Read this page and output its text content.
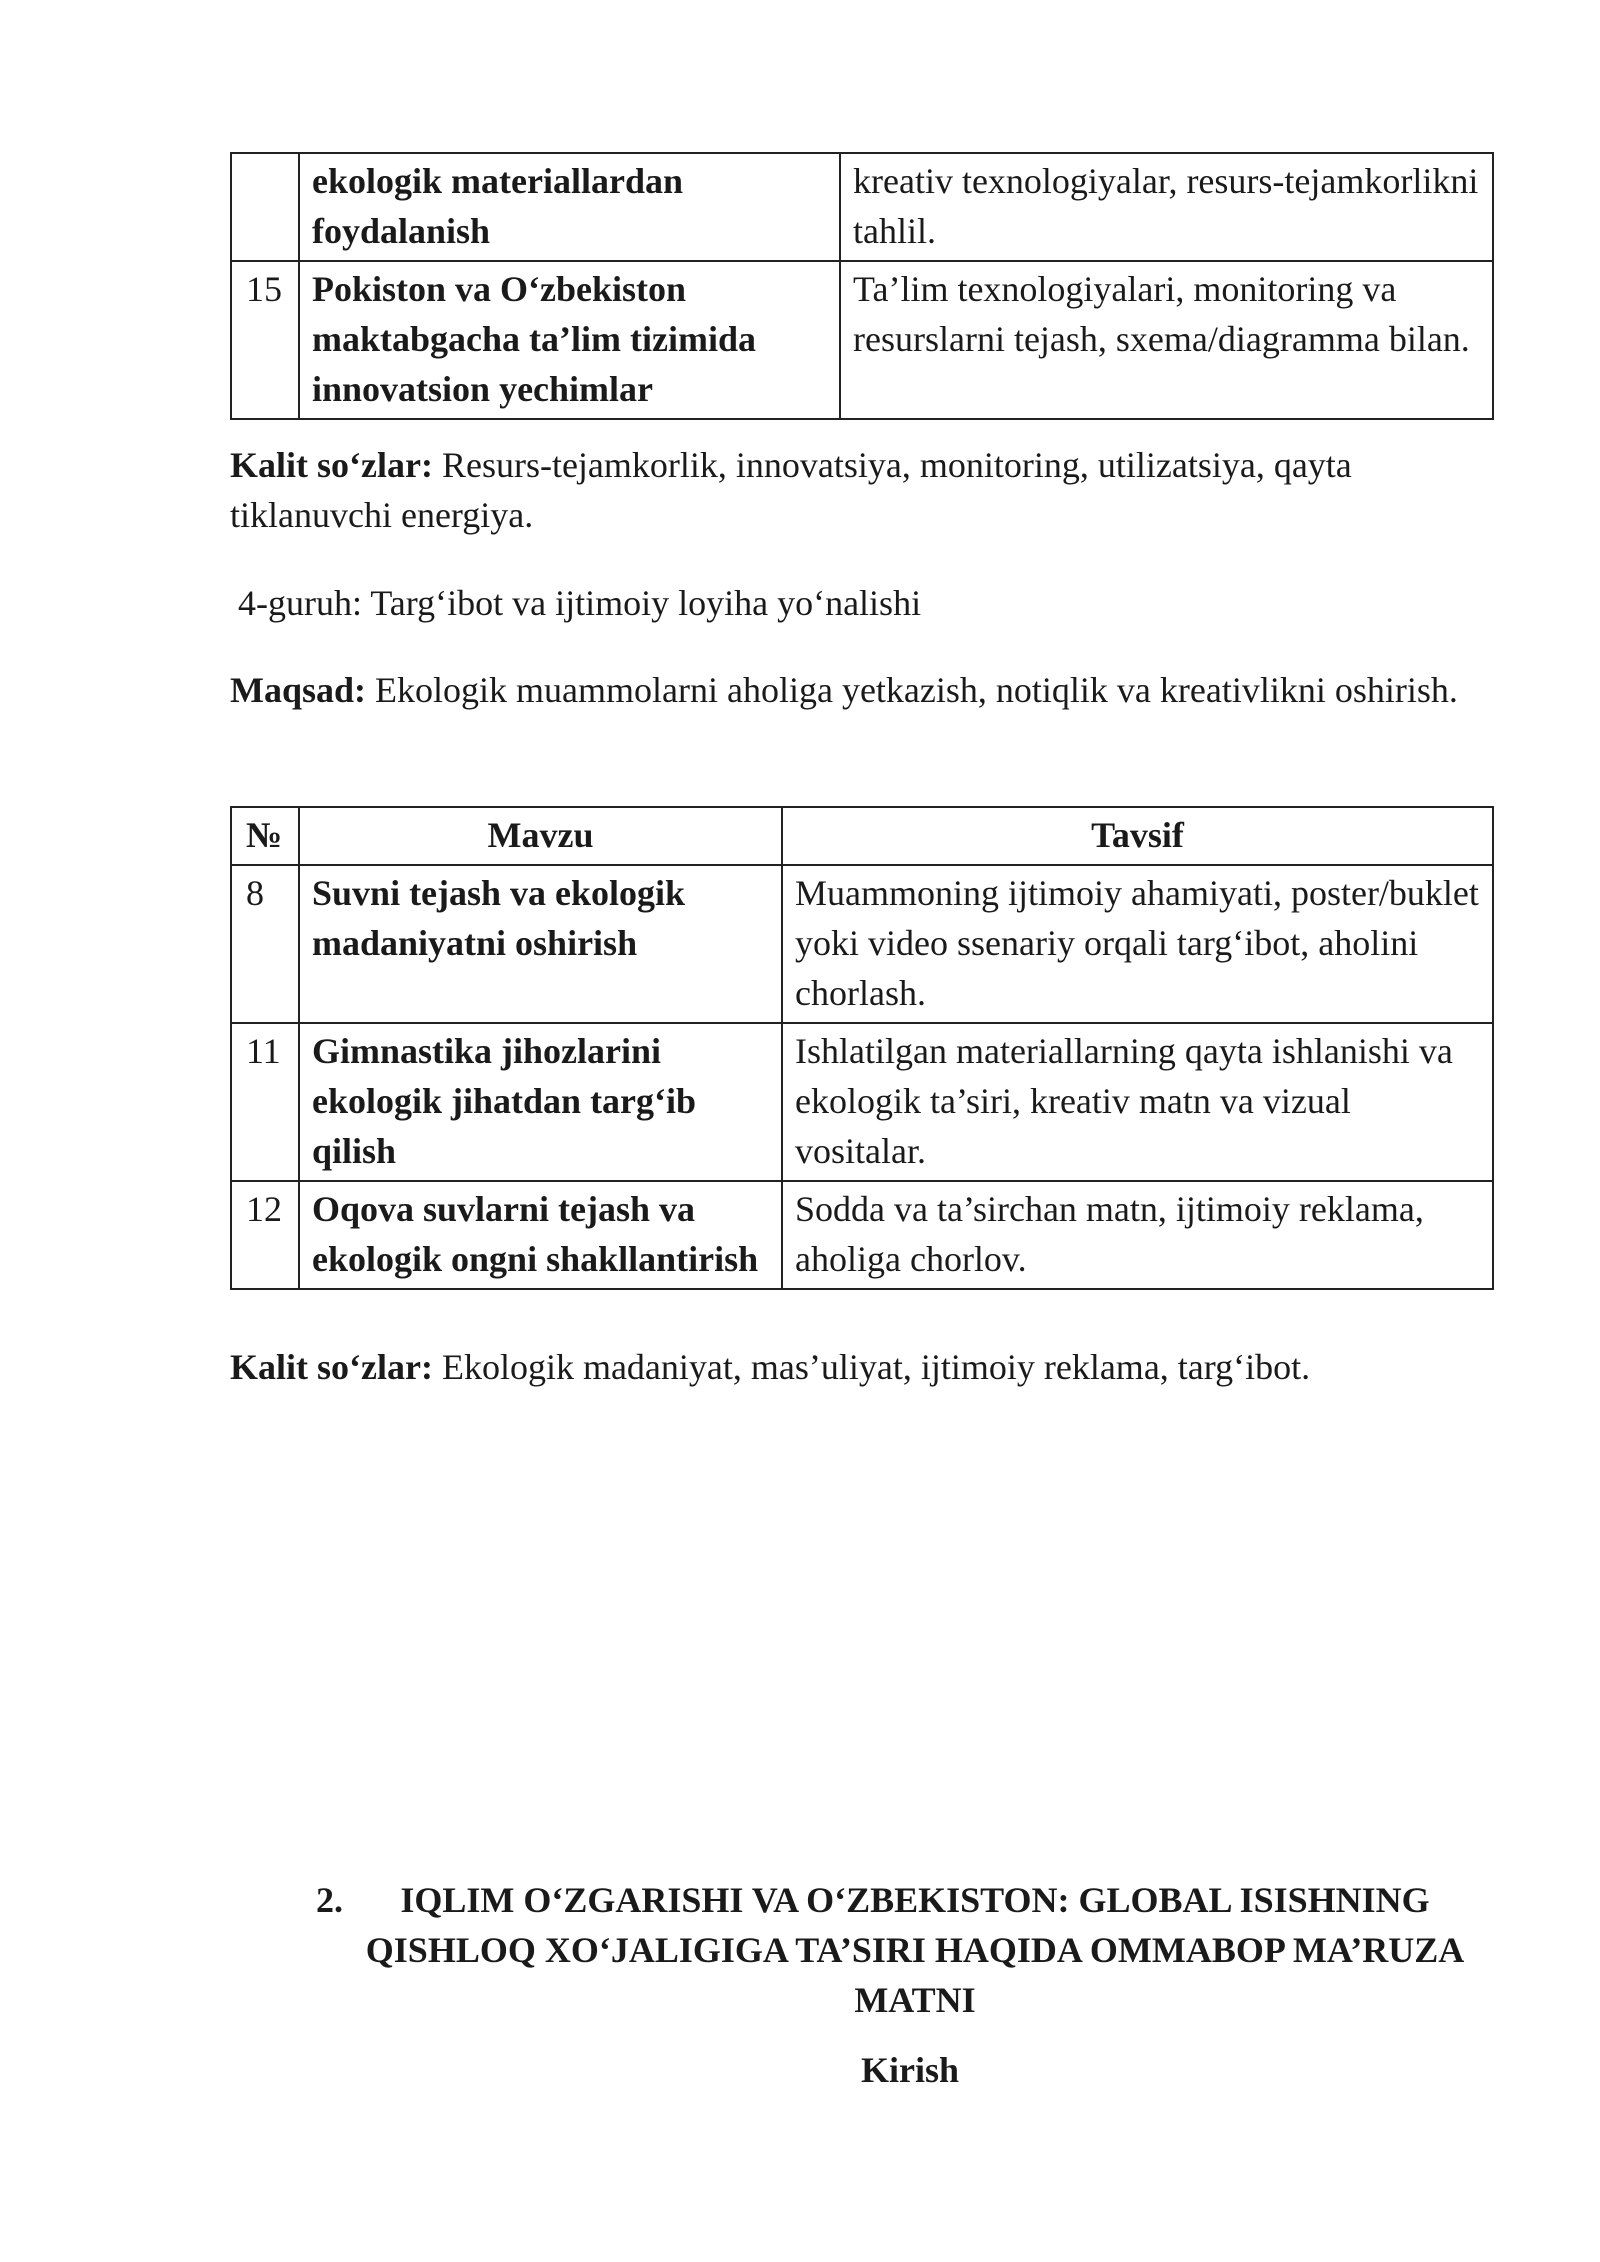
	ekologik materiallardan foydalanish	kreativ texnologiyalar, resurs-tejamkorlikni tahlil.
15	Pokiston va O‘zbekiston maktabgacha ta’lim tizimida innovatsion yechimlar	Ta’lim texnologiyalari, monitoring va resurslarni tejash, sxema/diagramma bilan.

Kalit so‘zlar: Resurs-tejamkorlik, innovatsiya, monitoring, utilizatsiya, qayta tiklanuvchi energiya.

4-guruh: Targ‘ibot va ijtimoiy loyiha yo‘nalishi

Maqsad: Ekologik muammolarni aholiga yetkazish, notiqlik va kreativlikni oshirish.

№	Mavzu	Tavsif
8	Suvni tejash va ekologik madaniyatni oshirish	Muammoning ijtimoiy ahamiyati, poster/buklet yoki video ssenariy orqali targ‘ibot, aholini chorlash.
11	Gimnastika jihozlarini ekologik jihatdan targ‘ib qilish	Ishlatilgan materiallarning qayta ishlanishi va ekologik ta’siri, kreativ matn va vizual vositalar.
12	Oqova suvlarni tejash va ekologik ongni shakllantirish	Sodda va ta’sirchan matn, ijtimoiy reklama, aholiga chorlov.

Kalit so‘zlar: Ekologik madaniyat, mas’uliyat, ijtimoiy reklama, targ‘ibot.

2.	IQLIM O‘ZGARISHI VA O‘ZBEKISTON: GLOBAL ISISHNING QISHLOQ XO‘JALIGIGA TA’SIRI HAQIDA OMMABOP MA’RUZA MATNI

Kirish
